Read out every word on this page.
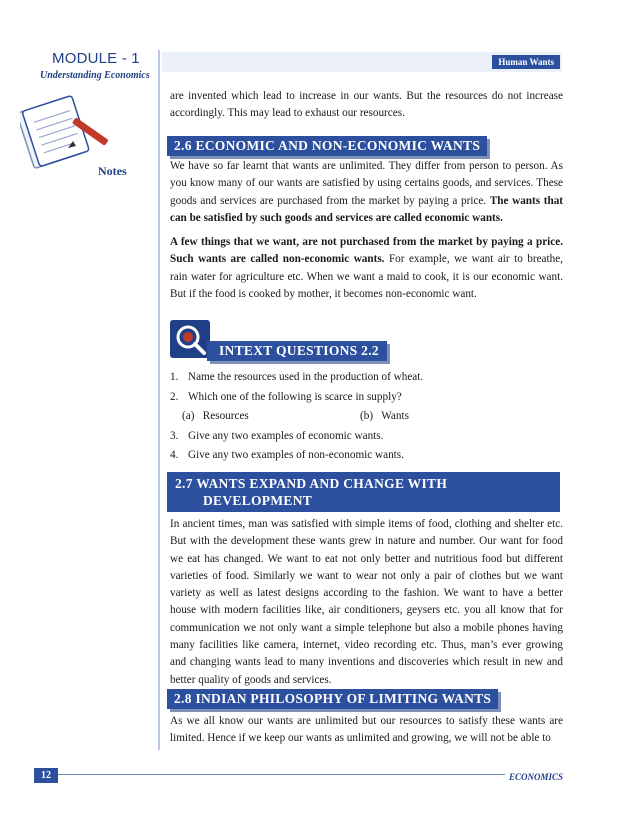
MODULE - 1
Understanding Economics
Notes
Human Wants
are invented which lead to increase in our wants. But the resources do not increase accordingly. This may lead to exhaust our resources.
2.6 ECONOMIC AND NON-ECONOMIC WANTS
We have so far learnt that wants are unlimited. They differ from person to person. As you know many of our wants are satisfied by using certains goods, and services. These goods and services are purchased from the market by paying a price. The wants that can be satisfied by such goods and services are called economic wants.
A few things that we want, are not purchased from the market by paying a price. Such wants are called non-economic wants. For example, we want air to breathe, rain water for agriculture etc. When we want a maid to cook, it is our economic want. But if the food is cooked by mother, it becomes non-economic want.
INTEXT QUESTIONS 2.2
1. Name the resources used in the production of wheat.
2. Which one of the following is scarce in supply?
(a)   Resources	(b)   Wants
3. Give any two examples of economic wants.
4. Give any two examples of non-economic wants.
2.7 WANTS EXPAND AND CHANGE WITH
DEVELOPMENT
In ancient times, man was satisfied with simple items of food, clothing and shelter etc. But with the development these wants grew in nature and number. Our want for food we eat has changed. We want to eat not only better and nutritious food but different varieties of food. Similarly we want to wear not only a pair of clothes but we want variety as well as latest designs according to the fashion. We want to have a better house with modern facilities like, air conditioners, geysers etc. you all know that for communication we not only want a simple telephone but also a mobile phones having many facilities like camera, internet, video recording etc. Thus, man’s ever growing and changing wants lead to many inventions and discoveries which result in new and better quality of goods and services.
2.8 INDIAN PHILOSOPHY OF LIMITING WANTS
As we all know our wants are unlimited but our resources to satisfy these wants are limited. Hence if we keep our wants as unlimited and growing, we will not be able to
12	ECONOMICS
